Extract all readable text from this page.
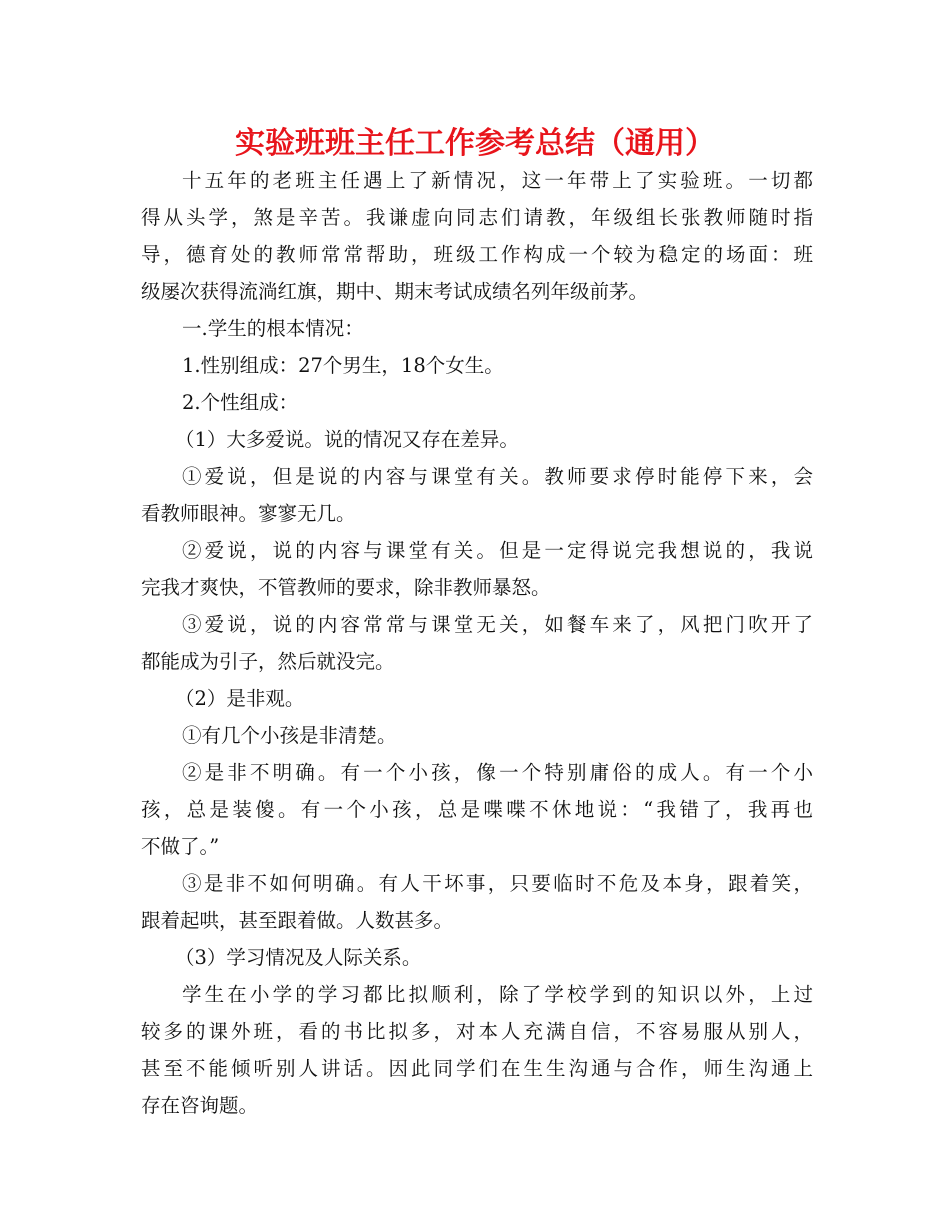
实验班班主任工作参考总结（通用）

十五年的老班主任遇上了新情况，这一年带上了实验班。一切都
得从头学，煞是辛苦。我谦虚向同志们请教，年级组长张教师随时指
导，德育处的教师常常帮助，班级工作构成一个较为稳定的场面：班
级屡次获得流淌红旗，期中、期末考试成绩名列年级前茅。

一.学生的根本情况：

1.性别组成：27个男生，18个女生。

2.个性组成：

（1）大多爱说。说的情况又存在差异。

①爱说，但是说的内容与课堂有关。教师要求停时能停下来，会
看教师眼神。寥寥无几。

②爱说，说的内容与课堂有关。但是一定得说完我想说的，我说
完我才爽快，不管教师的要求，除非教师暴怒。

③爱说，说的内容常常与课堂无关，如餐车来了，风把门吹开了
都能成为引子，然后就没完。

（2）是非观。

①有几个小孩是非清楚。

②是非不明确。有一个小孩，像一个特别庸俗的成人。有一个小
孩，总是装傻。有一个小孩，总是喋喋不休地说：“我错了，我再也
不做了。”

③是非不如何明确。有人干坏事，只要临时不危及本身，跟着笑，
跟着起哄，甚至跟着做。人数甚多。

（3）学习情况及人际关系。

学生在小学的学习都比拟顺利，除了学校学到的知识以外，上过
较多的课外班，看的书比拟多，对本人充满自信，不容易服从别人，
甚至不能倾听别人讲话。因此同学们在生生沟通与合作，师生沟通上
存在咨询题。
